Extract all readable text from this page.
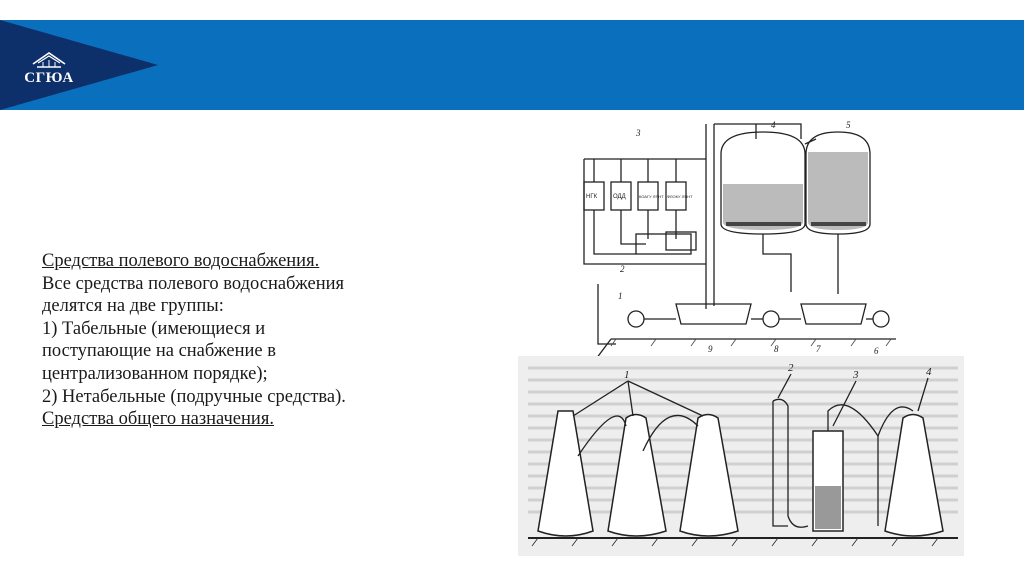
СГЮА

Средства полевого водоснабжения.

Все средства полевого водоснабжения

делятся на две группы:

1) Табельные (имеющиеся и

поступающие на снабжение в

централизованном порядке);

2) Нетабельные (подручные средства).

Средства общего назначения.

НГК	ОДД	КОАГУ ЛЯНТ ФЛОКУ ЛЯНТ
1
2
3
4	5
6
7
8
9
1
2
3	4
